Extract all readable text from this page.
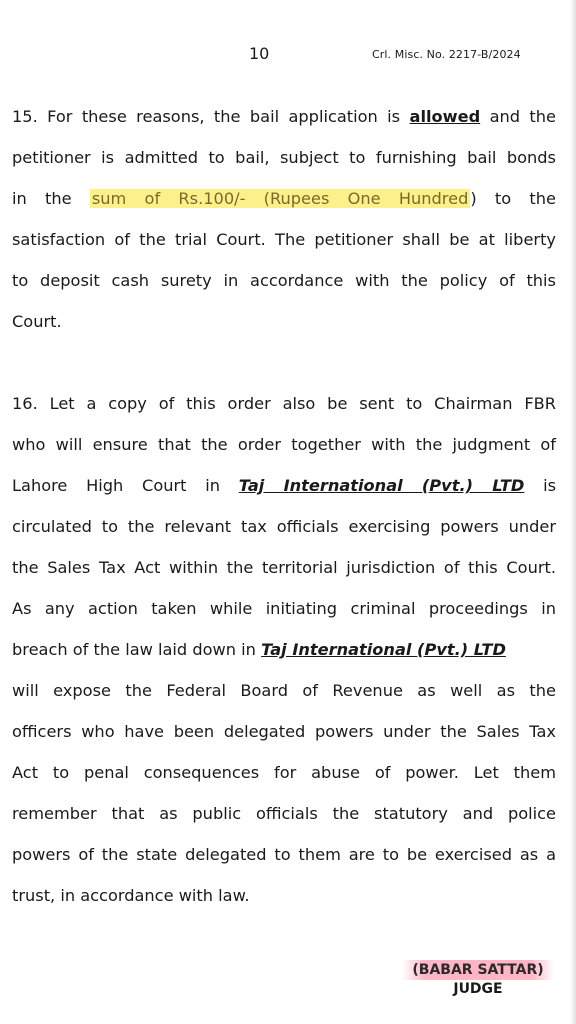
10	Crl. Misc. No. 2217-B/2024
15. For these reasons, the bail application is allowed and the
petitioner is admitted to bail, subject to furnishing bail bonds
in the sum of Rs.100/- (Rupees One Hundred ) to the
satisfaction of the trial Court. The petitioner shall be at liberty
to deposit cash surety in accordance with the policy of this
Court.
16. Let a copy of this order also be sent to Chairman FBR
who will ensure that the order together with the judgment of
Lahore High Court in Taj International (Pvt.) LTD is
circulated to the relevant tax officials exercising powers under
the Sales Tax Act within the territorial jurisdiction of this Court.
As any action taken while initiating criminal proceedings in
breach of the law laid down in Taj International (Pvt.) LTD
will expose the Federal Board of Revenue as well as the
officers who have been delegated powers under the Sales Tax
Act to penal consequences for abuse of power. Let them
remember that as public officials the statutory and police
powers of the state delegated to them are to be exercised as a
trust, in accordance with law.
(BABAR SATTAR)
JUDGE
